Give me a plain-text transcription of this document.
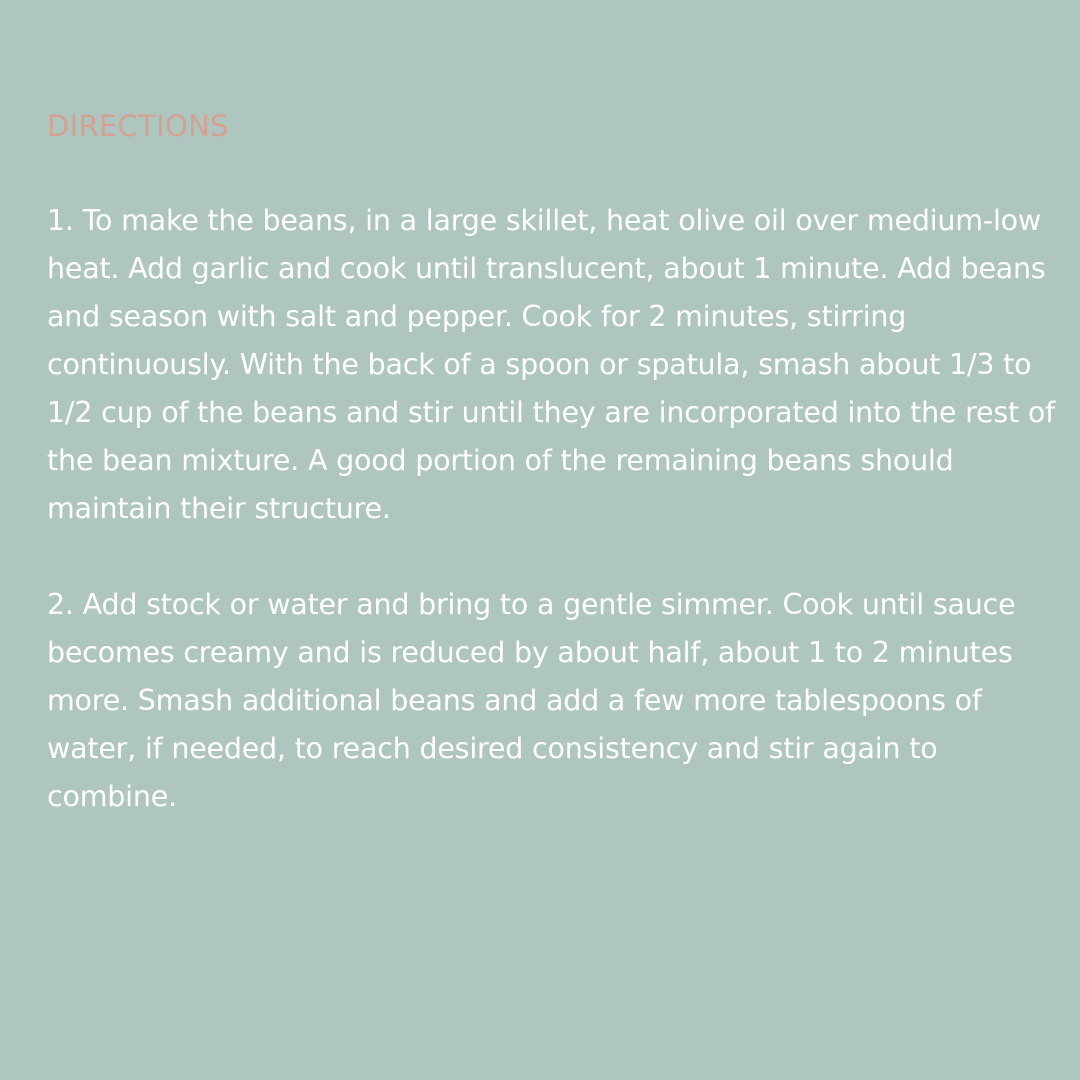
DIRECTIONS

1. To make the beans, in a large skillet, heat olive oil over medium-low heat. Add garlic and cook until translucent, about 1 minute. Add beans and season with salt and pepper. Cook for 2 minutes, stirring continuously. With the back of a spoon or spatula, smash about 1/3 to 1/2 cup of the beans and stir until they are incorporated into the rest of the bean mixture. A good portion of the remaining beans should maintain their structure.

2. Add stock or water and bring to a gentle simmer. Cook until sauce becomes creamy and is reduced by about half, about 1 to 2 minutes more. Smash additional beans and add a few more tablespoons of water, if needed, to reach desired consistency and stir again to combine.
